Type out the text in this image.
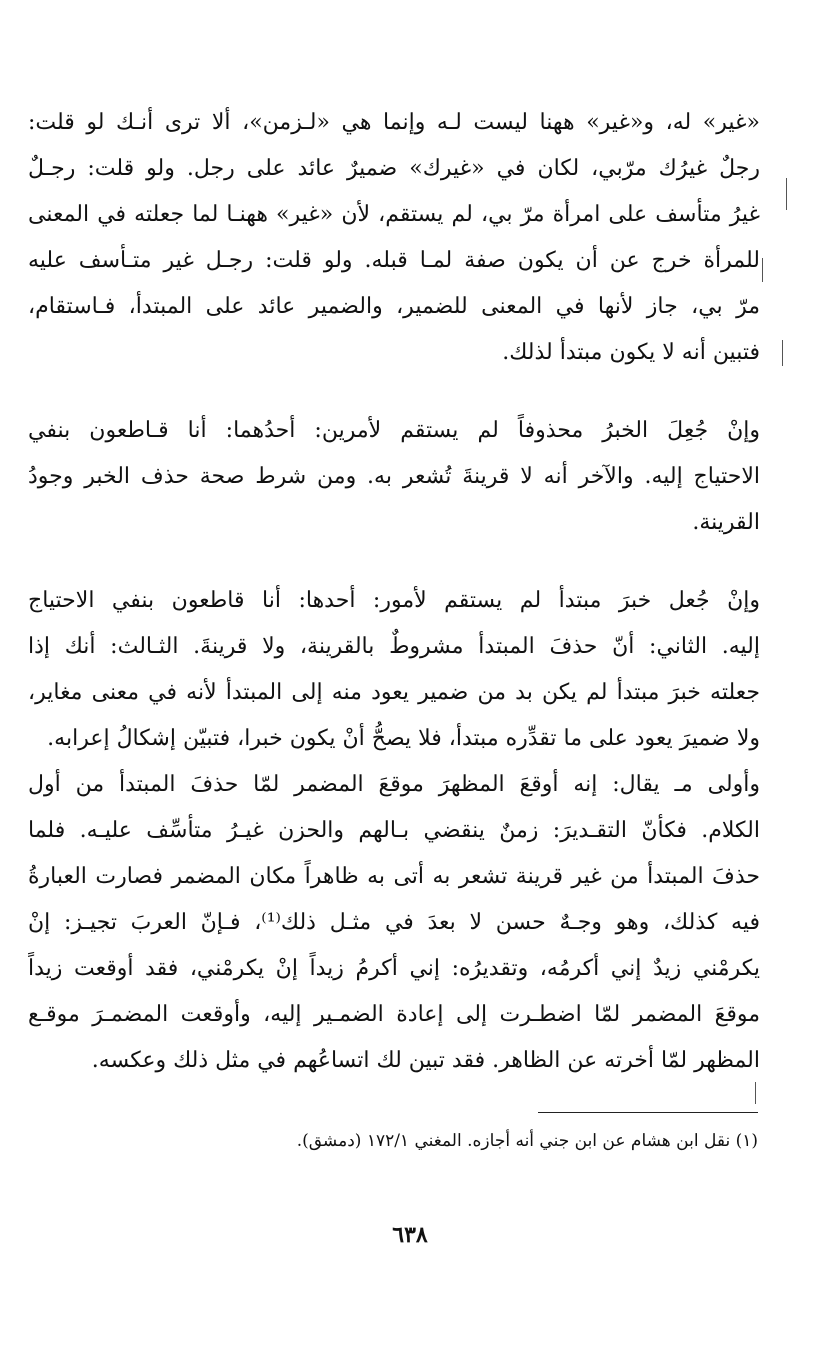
«غير» له، و«غير» ههنا ليست لـه وإنما هي «لـزمن»، ألا ترى أنـك لو قلت:
رجلٌ غيرُك مرّبي، لكان في «غيرك» ضميرٌ عائد على رجل. ولو قلت: رجـلٌ
غيرُ متأسف على امرأة مرّ بي، لم يستقم، لأن «غير» ههنـا لما جعلته في المعنى
للمرأة خرج عن أن يكون صفة لمـا قبله. ولو قلت: رجـل غير متـأسف عليه
مرّ بي، جاز لأنها في المعنى للضمير، والضمير عائد على المبتدأ، فـاستقام،
فتبين أنه لا يكون مبتدأ لذلك.

وإنْ جُعِلَ الخبرُ محذوفاً لم يستقم لأمرين: أحدُهما: أنا قـاطعون بنفي
الاحتياج إليه. والآخر أنه لا قرينةَ تُشعر به. ومن شرط صحة حذف الخبر وجودُ
القرينة.

وإنْ جُعل خبرَ مبتدأ لم يستقم لأمور: أحدها: أنا قاطعون بنفي الاحتياج
إليه. الثاني: أنّ حذفَ المبتدأ مشروطٌ بالقرينة، ولا قرينةَ. الثـالث: أنك إذا
جعلته خبرَ مبتدأ لم يكن بد من ضمير يعود منه إلى المبتدأ لأنه في معنى مغاير،
ولا ضميرَ يعود على ما تقدِّره مبتدأ، فلا يصحُّ أنْ يكون خبرا، فتبيّن إشكالُ إعرابه.

وأولى مـ يقال: إنه أوقعَ المظهرَ موقعَ المضمر لمّا حذفَ المبتدأ من أول
الكلام. فكأنّ التقـديرَ: زمنٌ ينقضي بـالهم والحزن غيـرُ متأسِّف عليـه. فلما
حذفَ المبتدأ من غير قرينة تشعر به أتى به ظاهراً مكان المضمر فصارت العبارةُ
فيه كذلك، وهو وجـهٌ حسن لا بعدَ في مثـل ذلك⁽¹⁾، فـإنّ العربَ تجيـز: إنْ
يكرمْني زيدٌ إني أكرمُه، وتقديرُه: إني أكرمُ زيداً إنْ يكرمْني، فقد أوقعت زيداً
موقعَ المضمر لمّا اضطـرت إلى إعادة الضمـير إليه، وأوقعت المضمـرَ موقـع
المظهر لمّا أخرته عن الظاهر. فقد تبين لك اتساعُهم في مثل ذلك وعكسه.

(١) نقل ابن هشام عن ابن جني أنه أجازه. المغني ١٧٢/١ (دمشق).
٦٣٨
